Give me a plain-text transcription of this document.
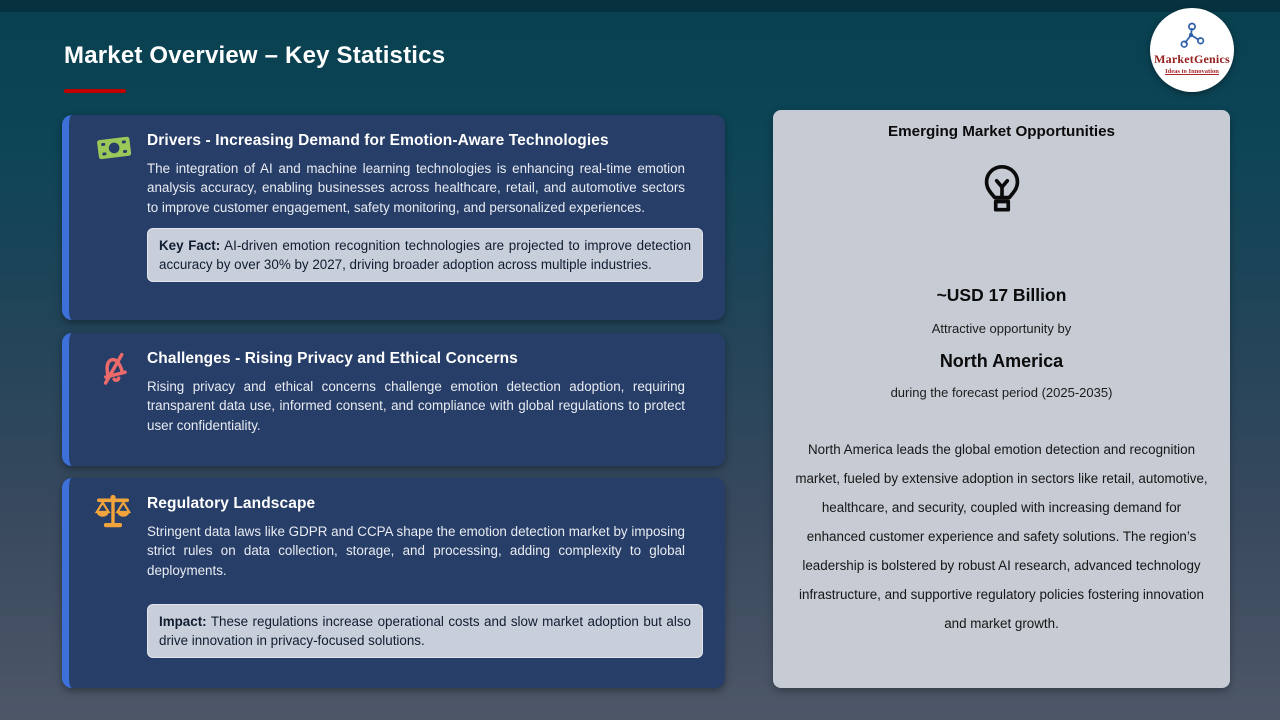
Market Overview – Key Statistics	MarketGenics
Ideas to Innovation
Drivers - Increasing Demand for Emotion-Aware Technologies

The integration of AI and machine learning technologies is enhancing real-time emotion analysis accuracy, enabling businesses across healthcare, retail, and automotive sectors to improve customer engagement, safety monitoring, and personalized experiences.

Key Fact: AI-driven emotion recognition technologies are projected to improve detection accuracy by over 30% by 2027, driving broader adoption across multiple industries.
Challenges - Rising Privacy and Ethical Concerns

Rising privacy and ethical concerns challenge emotion detection adoption, requiring transparent data use, informed consent, and compliance with global regulations to protect user confidentiality.

Regulatory Landscape

Stringent data laws like GDPR and CCPA shape the emotion detection market by imposing strict rules on data collection, storage, and processing, adding complexity to global deployments.

Impact: These regulations increase operational costs and slow market adoption but also drive innovation in privacy-focused solutions.
Emerging Market Opportunities
~USD 17 Billion
Attractive opportunity by
North America
during the forecast period (2025-2035)

North America leads the global emotion detection and recognition market, fueled by extensive adoption in sectors like retail, automotive, healthcare, and security, coupled with increasing demand for enhanced customer experience and safety solutions. The region’s leadership is bolstered by robust AI research, advanced technology infrastructure, and supportive regulatory policies fostering innovation and market growth.
